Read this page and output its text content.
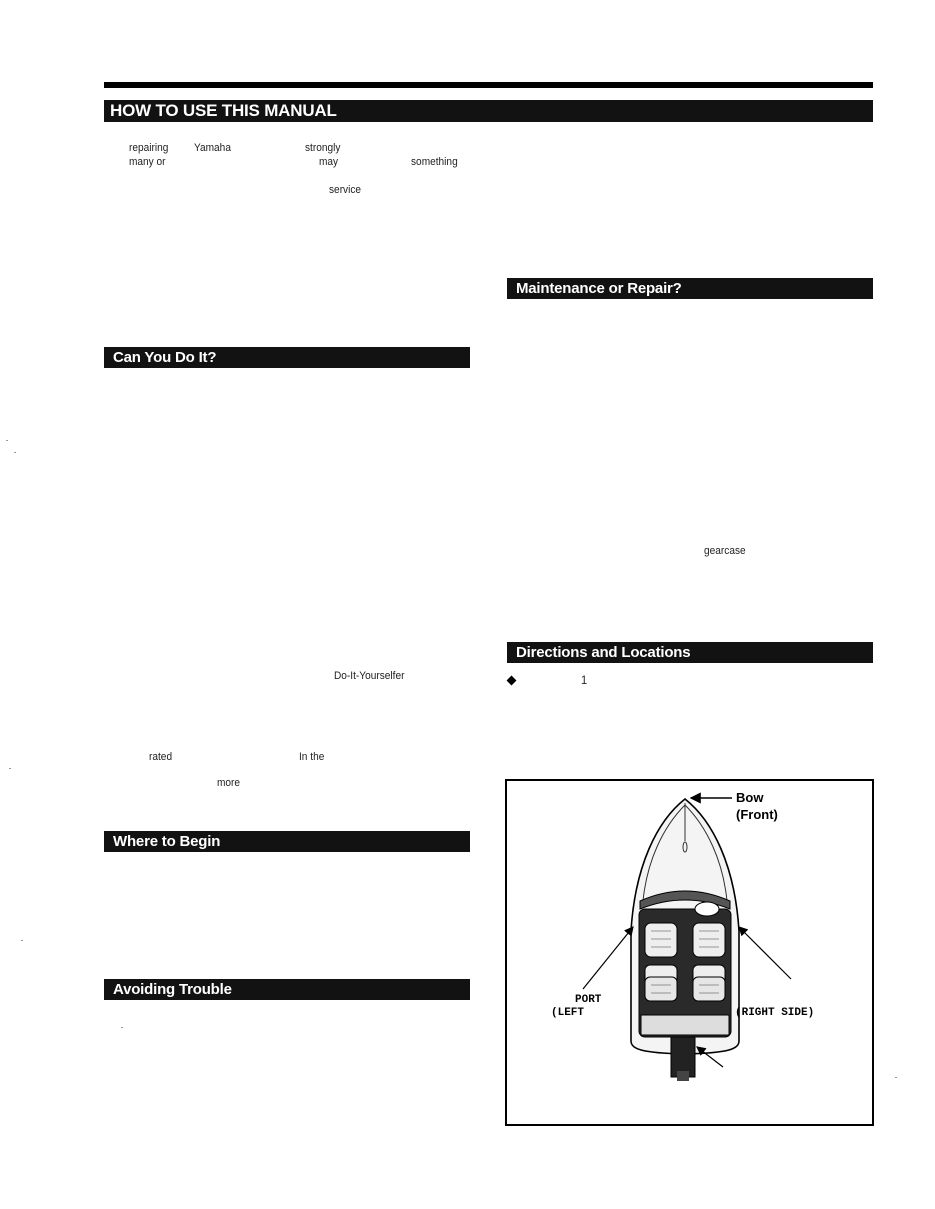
HOW TO USE THIS MANUAL
Can You Do It?
Where to Begin
Avoiding Trouble
Maintenance or Repair?
Directions and Locations
repairing Yamaha	strongly
many or	may	something
service
Do-It-Yourselfer
rated	In the
more
gearcase
1
Bow
(Front)
PORT
(LEFT	(RIGHT SIDE)
